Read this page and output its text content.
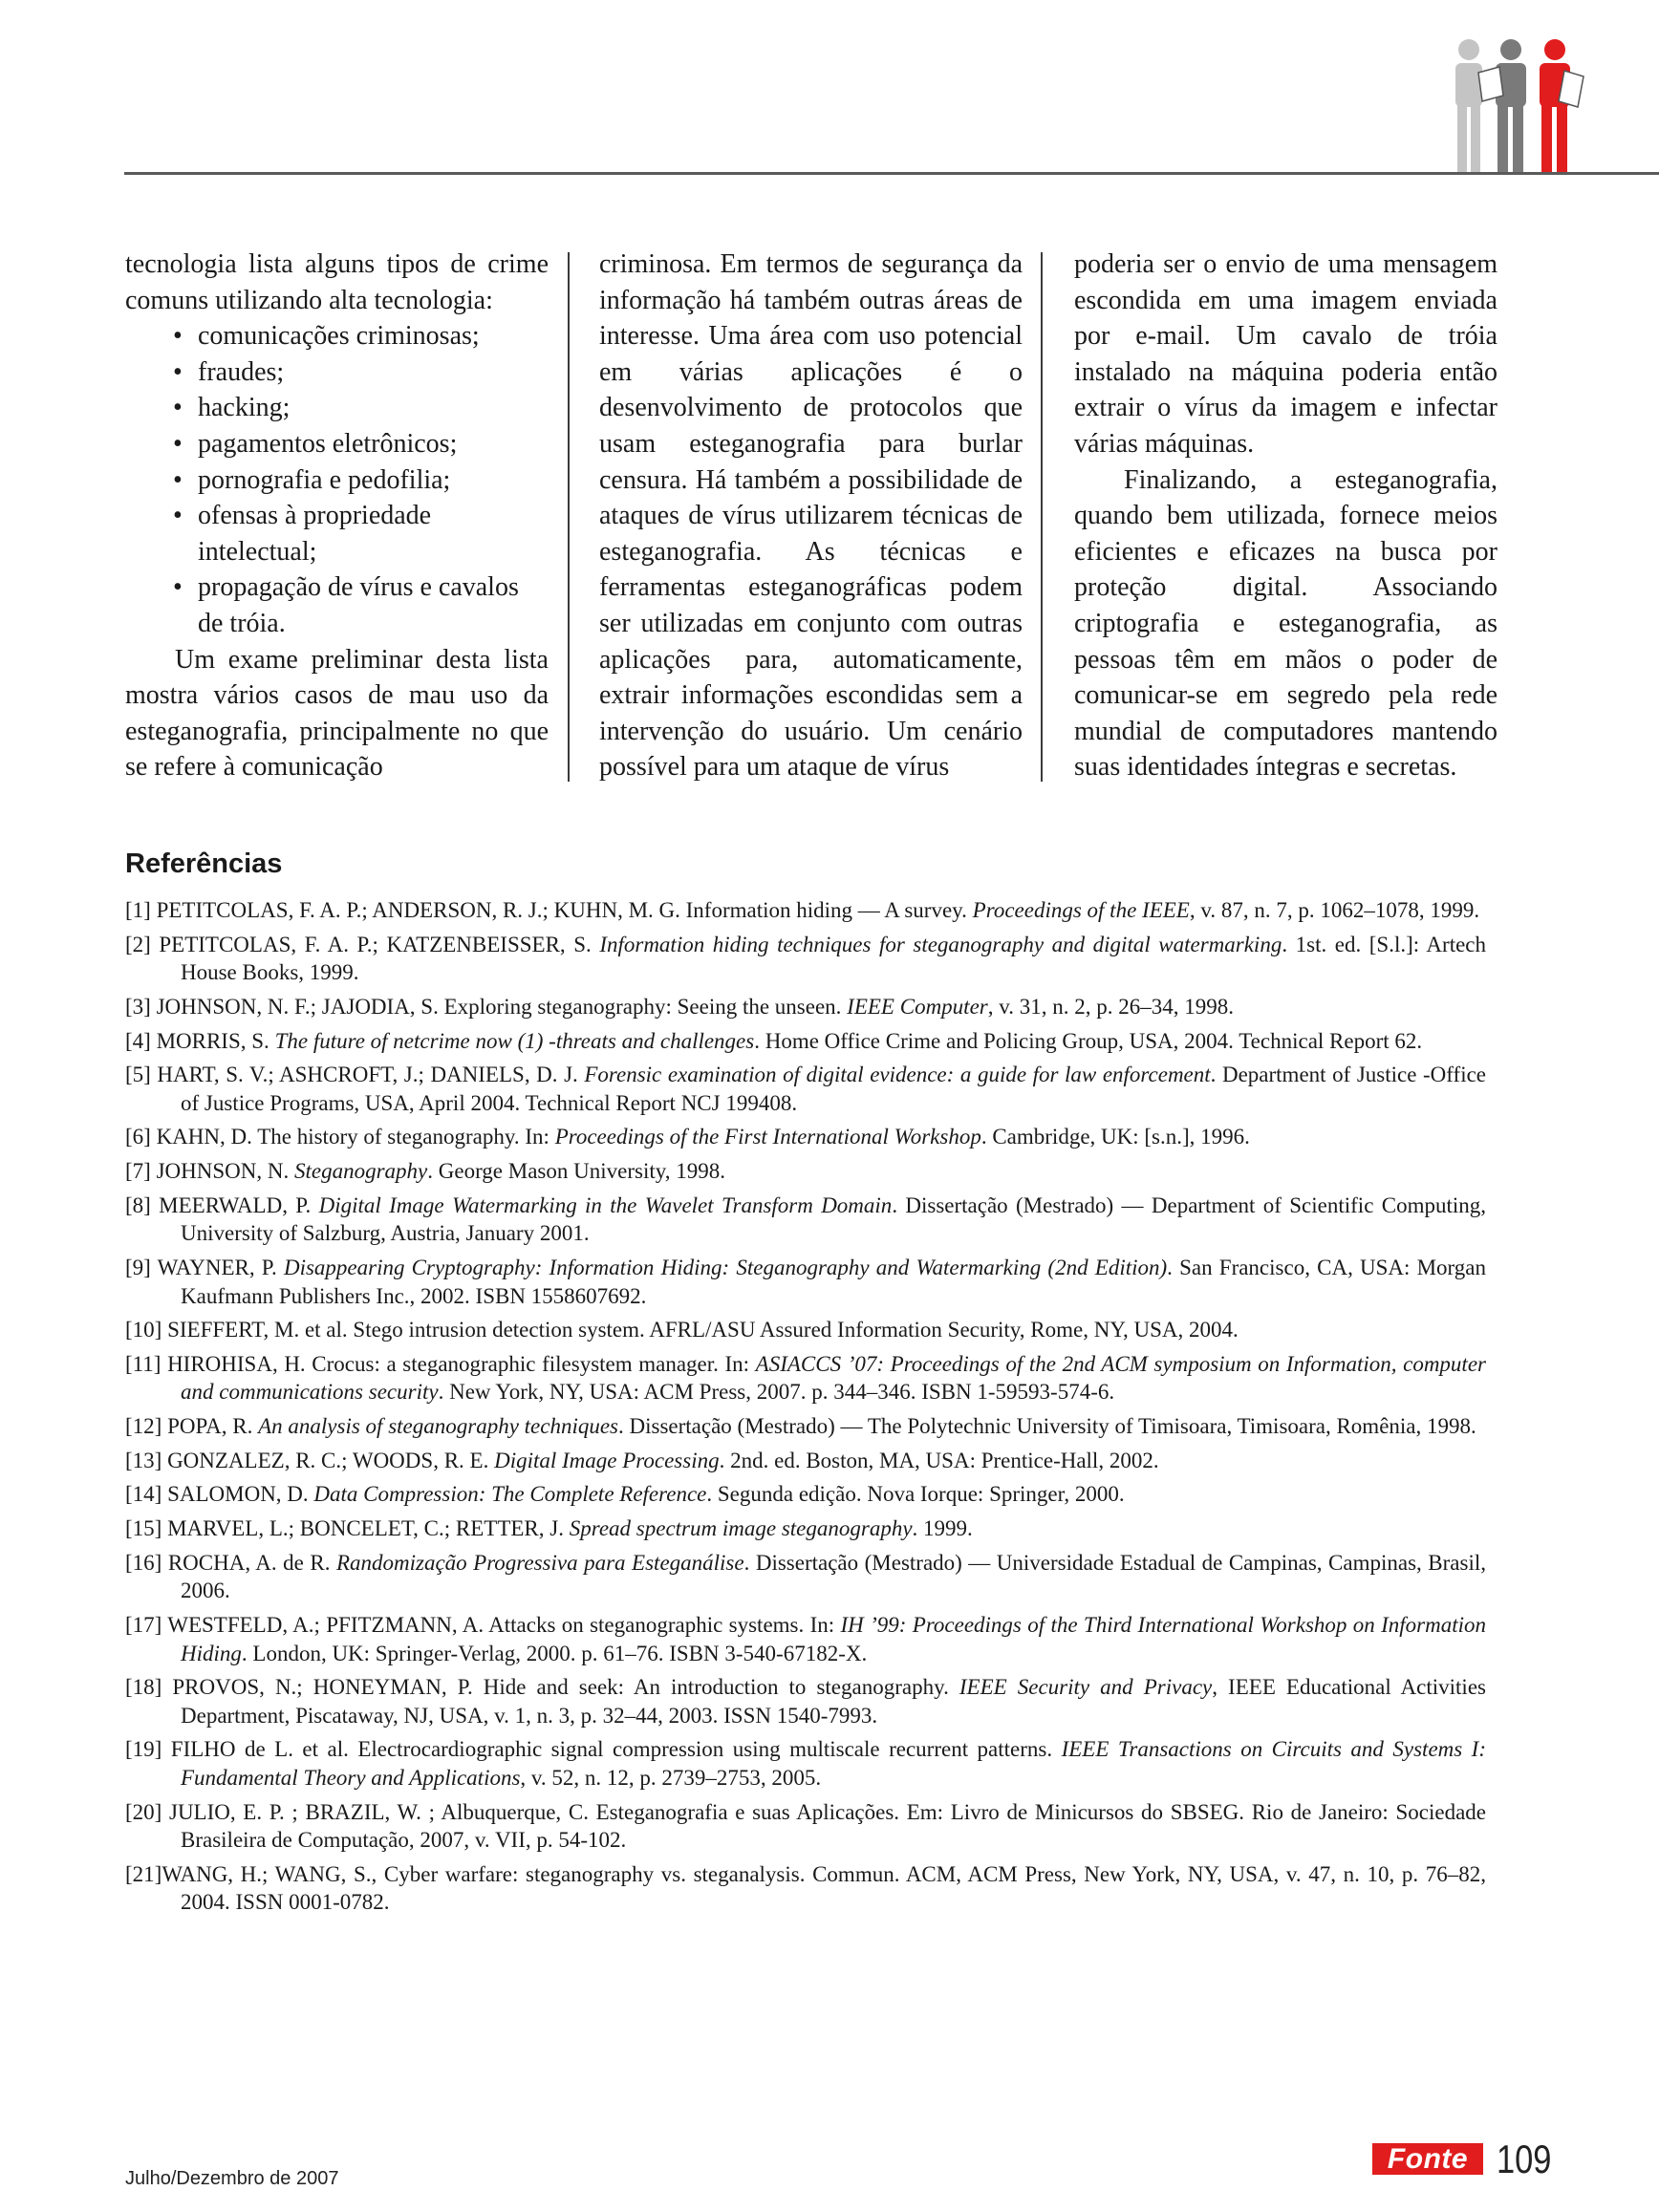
tecnologia lista alguns tipos de crime comuns utilizando alta tecnologia:

• comunicações criminosas;
• fraudes;
• hacking;
• pagamentos eletrônicos;
• pornografia e pedofilia;
• ofensas à propriedade intelectual;
• propagação de vírus e cavalos de tróia.

Um exame preliminar desta lista mostra vários casos de mau uso da esteganografia, principalmente no que se refere à comunicação

criminosa. Em termos de segurança da informação há também outras áreas de interesse. Uma área com uso potencial em várias aplicações é o desenvolvimento de protocolos que usam esteganografia para burlar censura. Há também a possibilidade de ataques de vírus utilizarem técnicas de esteganografia. As técnicas e ferramentas esteganográficas podem ser utilizadas em conjunto com outras aplicações para, automaticamente, extrair informações escondidas sem a intervenção do usuário. Um cenário possível para um ataque de vírus

poderia ser o envio de uma mensagem escondida em uma imagem enviada por e-mail. Um cavalo de tróia instalado na máquina poderia então extrair o vírus da imagem e infectar várias máquinas.

Finalizando, a esteganografia, quando bem utilizada, fornece meios eficientes e eficazes na busca por proteção digital. Associando criptografia e esteganografia, as pessoas têm em mãos o poder de comunicar-se em segredo pela rede mundial de computadores mantendo suas identidades íntegras e secretas.

Referências
[1] PETITCOLAS, F. A. P.; ANDERSON, R. J.; KUHN, M. G. Information hiding — A survey. Proceedings of the IEEE, v. 87, n. 7, p. 1062–1078, 1999.
[2] PETITCOLAS, F. A. P.; KATZENBEISSER, S. Information hiding techniques for steganography and digital watermarking. 1st. ed. [S.l.]: Artech House Books, 1999.
[3] JOHNSON, N. F.; JAJODIA, S. Exploring steganography: Seeing the unseen. IEEE Computer, v. 31, n. 2, p. 26–34, 1998.
[4] MORRIS, S. The future of netcrime now (1) -threats and challenges. Home Office Crime and Policing Group, USA, 2004. Technical Report 62.
[5] HART, S. V.; ASHCROFT, J.; DANIELS, D. J. Forensic examination of digital evidence: a guide for law enforcement. Department of Justice -Office of Justice Programs, USA, April 2004. Technical Report NCJ 199408.
[6] KAHN, D. The history of steganography. In: Proceedings of the First International Workshop. Cambridge, UK: [s.n.], 1996.
[7] JOHNSON, N. Steganography. George Mason University, 1998.
[8] MEERWALD, P. Digital Image Watermarking in the Wavelet Transform Domain. Dissertação (Mestrado) — Department of Scientific Computing, University of Salzburg, Austria, January 2001.
[9] WAYNER, P. Disappearing Cryptography: Information Hiding: Steganography and Watermarking (2nd Edition). San Francisco, CA, USA: Morgan Kaufmann Publishers Inc., 2002. ISBN 1558607692.
[10] SIEFFERT, M. et al. Stego intrusion detection system. AFRL/ASU Assured Information Security, Rome, NY, USA, 2004.
[11] HIROHISA, H. Crocus: a steganographic filesystem manager. In: ASIACCS ’07: Proceedings of the 2nd ACM symposium on Information, computer and communications security. New York, NY, USA: ACM Press, 2007. p. 344–346. ISBN 1-59593-574-6.
[12] POPA, R. An analysis of steganography techniques. Dissertação (Mestrado) — The Polytechnic University of Timisoara, Timisoara, Romênia, 1998.
[13] GONZALEZ, R. C.; WOODS, R. E. Digital Image Processing. 2nd. ed. Boston, MA, USA: Prentice-Hall, 2002.
[14] SALOMON, D. Data Compression: The Complete Reference. Segunda edição. Nova Iorque: Springer, 2000.
[15] MARVEL, L.; BONCELET, C.; RETTER, J. Spread spectrum image steganography. 1999.
[16] ROCHA, A. de R. Randomização Progressiva para Esteganálise. Dissertação (Mestrado) — Universidade Estadual de Campinas, Campinas, Brasil, 2006.
[17] WESTFELD, A.; PFITZMANN, A. Attacks on steganographic systems. In: IH ’99: Proceedings of the Third International Workshop on Information Hiding. London, UK: Springer-Verlag, 2000. p. 61–76. ISBN 3-540-67182-X.
[18] PROVOS, N.; HONEYMAN, P. Hide and seek: An introduction to steganography. IEEE Security and Privacy, IEEE Educational Activities Department, Piscataway, NJ, USA, v. 1, n. 3, p. 32–44, 2003. ISSN 1540-7993.
[19] FILHO de L. et al. Electrocardiographic signal compression using multiscale recurrent patterns. IEEE Transactions on Circuits and Systems I: Fundamental Theory and Applications, v. 52, n. 12, p. 2739–2753, 2005.
[20] JULIO, E. P. ; BRAZIL, W. ; Albuquerque, C. Esteganografia e suas Aplicações. Em: Livro de Minicursos do SBSEG. Rio de Janeiro: Sociedade Brasileira de Computação, 2007, v. VII, p. 54-102.
[21]WANG, H.; WANG, S., Cyber warfare: steganography vs. steganalysis. Commun. ACM, ACM Press, New York, NY, USA, v. 47, n. 10, p. 76–82, 2004. ISSN 0001-0782.
Julho/Dezembro de 2007
Fonte 109
